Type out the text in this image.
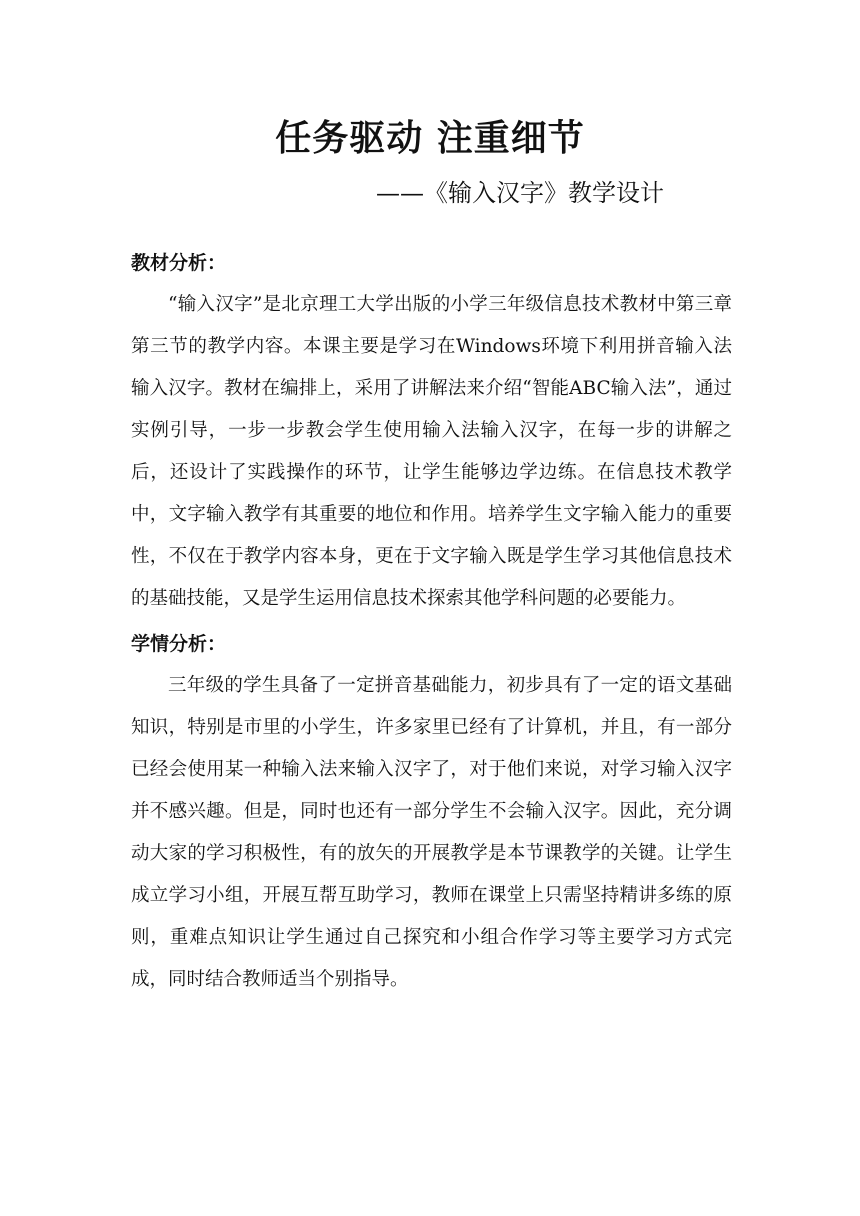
任务驱动 注重细节

——《输入汉字》教学设计

教材分析：

“输入汉字”是北京理工大学出版的小学三年级信息技术教材中第三章第三节的教学内容。本课主要是学习在Windows环境下利用拼音输入法输入汉字。教材在编排上，采用了讲解法来介绍“智能ABC输入法”，通过实例引导，一步一步教会学生使用输入法输入汉字，在每一步的讲解之后，还设计了实践操作的环节，让学生能够边学边练。在信息技术教学中，文字输入教学有其重要的地位和作用。培养学生文字输入能力的重要性，不仅在于教学内容本身，更在于文字输入既是学生学习其他信息技术的基础技能，又是学生运用信息技术探索其他学科问题的必要能力。

学情分析：

三年级的学生具备了一定拼音基础能力，初步具有了一定的语文基础知识，特别是市里的小学生，许多家里已经有了计算机，并且，有一部分已经会使用某一种输入法来输入汉字了，对于他们来说，对学习输入汉字并不感兴趣。但是，同时也还有一部分学生不会输入汉字。因此，充分调动大家的学习积极性，有的放矢的开展教学是本节课教学的关键。让学生成立学习小组，开展互帮互助学习，教师在课堂上只需坚持精讲多练的原则，重难点知识让学生通过自己探究和小组合作学习等主要学习方式完成，同时结合教师适当个别指导。
